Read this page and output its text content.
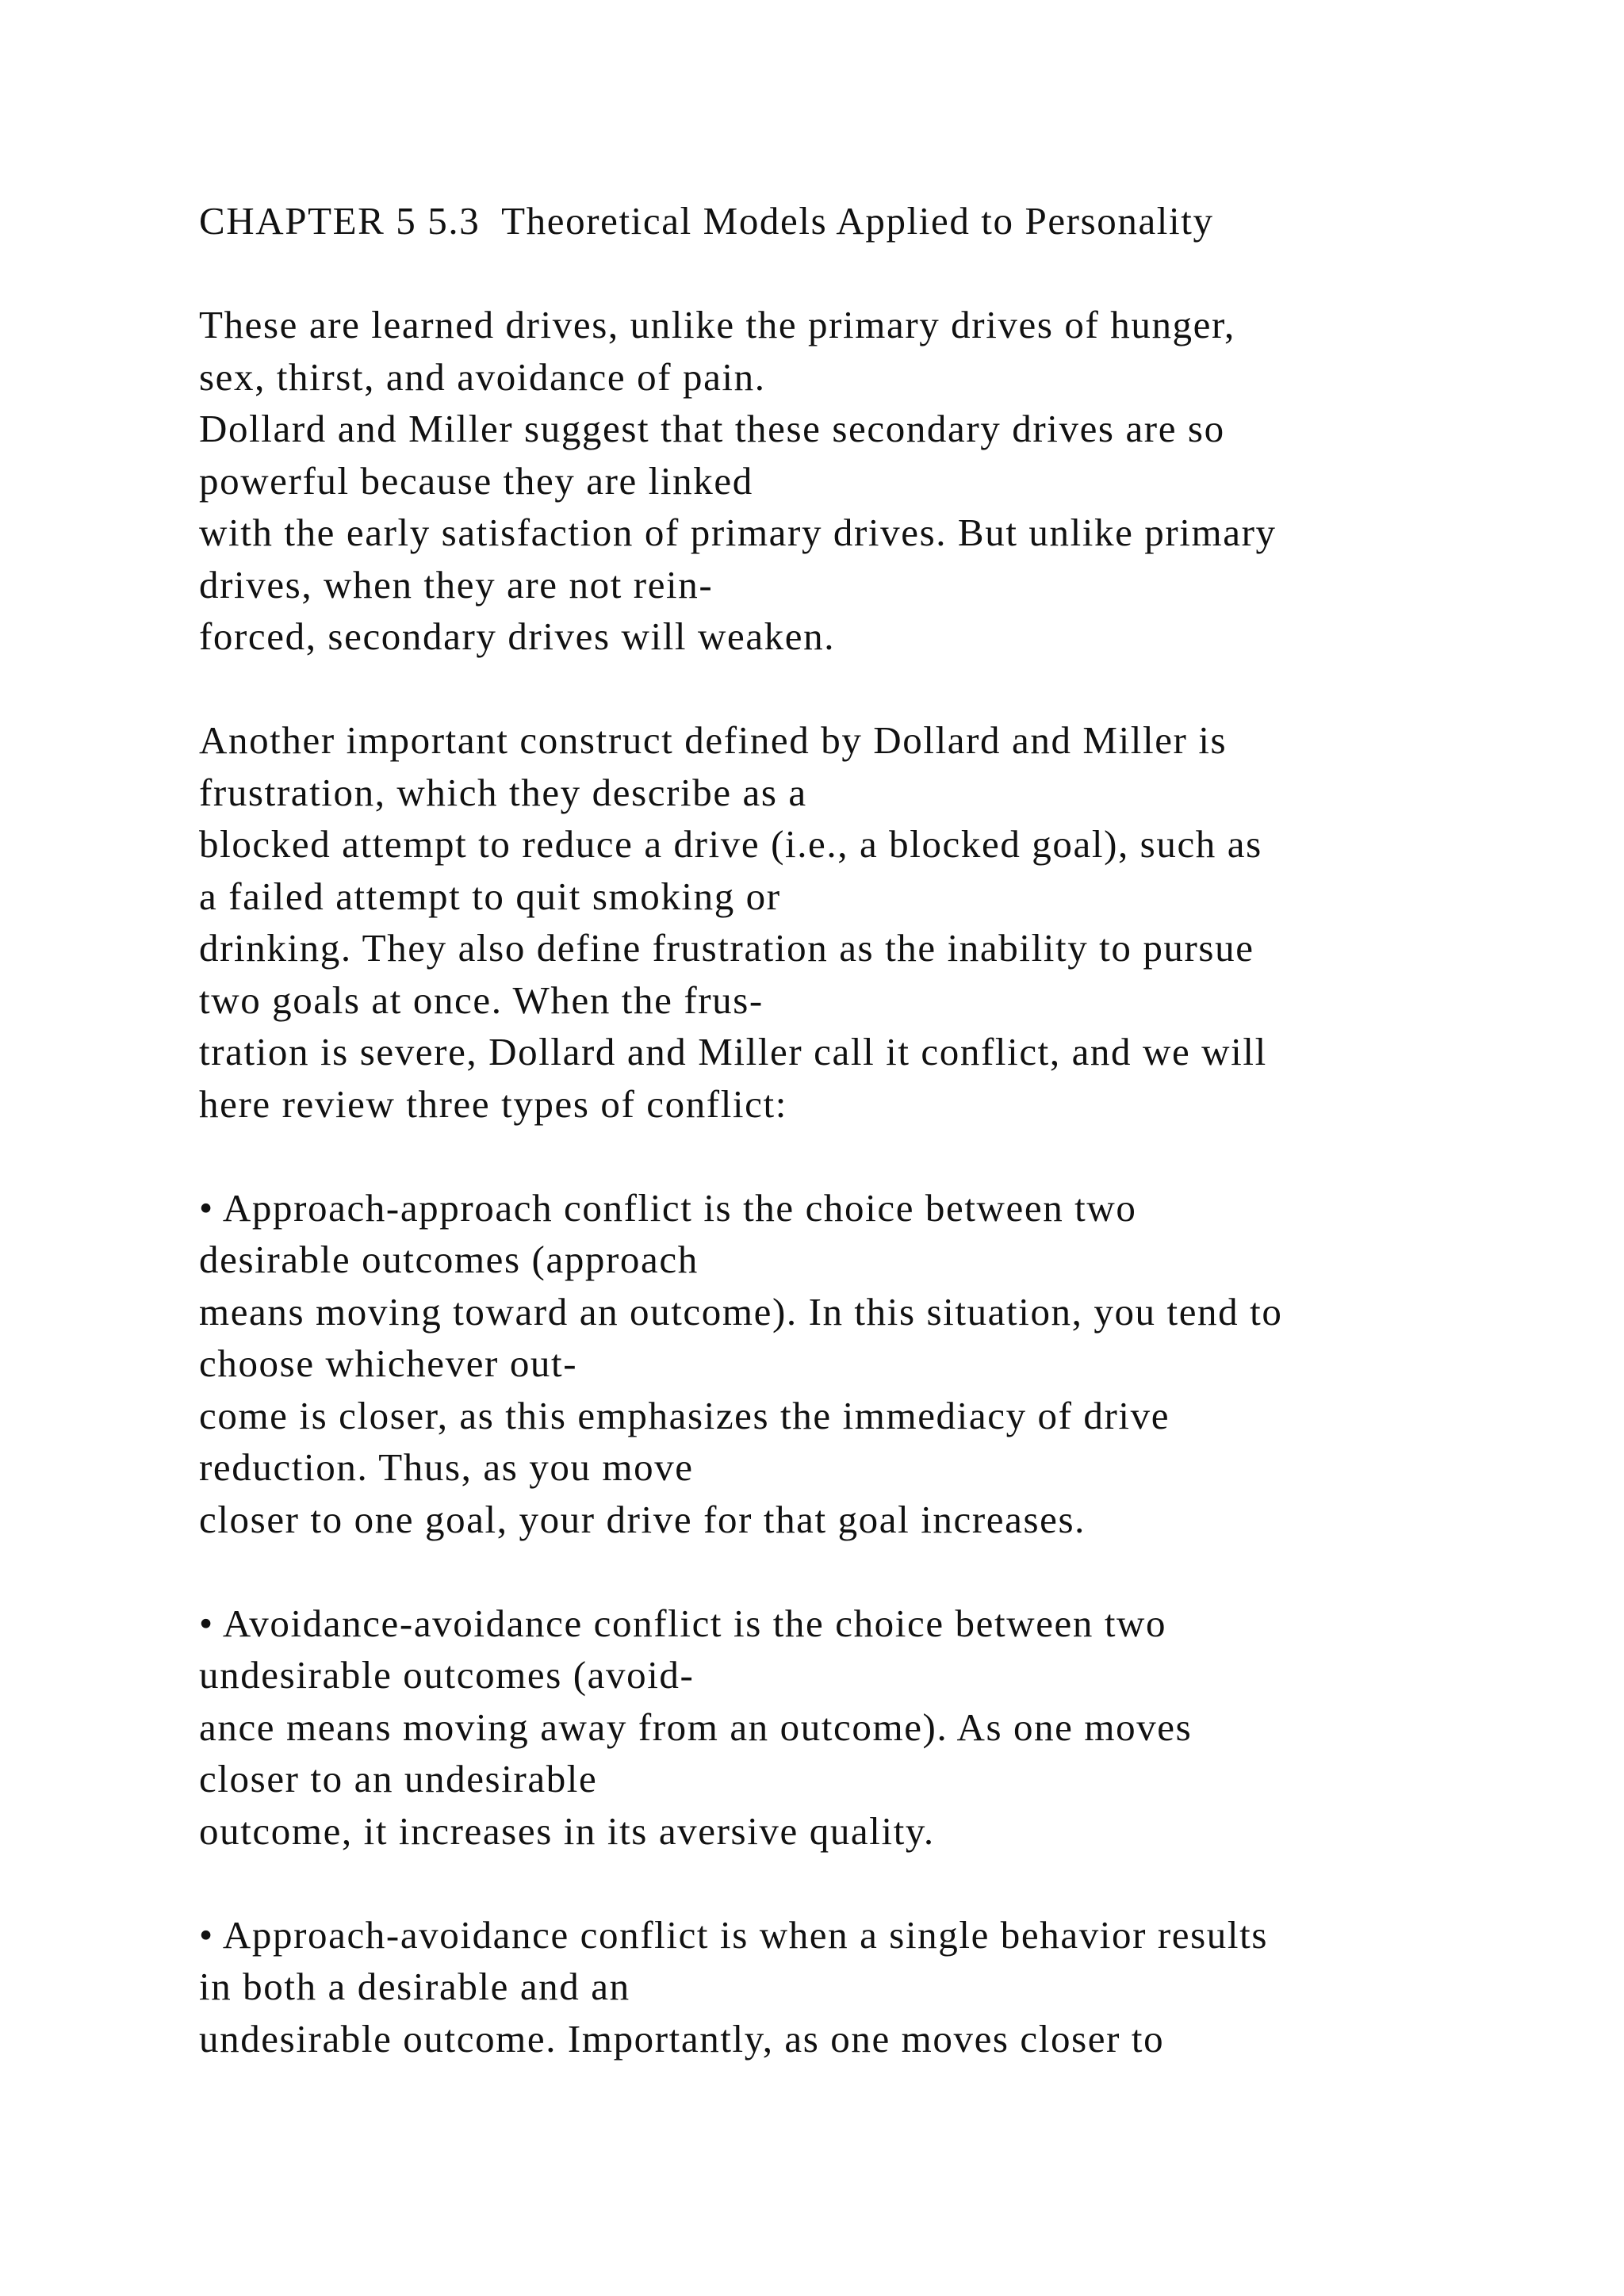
CHAPTER 5 5.3  Theoretical Models Applied to Personality
These are learned drives, unlike the primary drives of hunger,
sex, thirst, and avoidance of pain.
Dollard and Miller suggest that these secondary drives are so
powerful because they are linked
with the early satisfaction of primary drives. But unlike primary
drives, when they are not rein-
forced, secondary drives will weaken.
Another important construct defined by Dollard and Miller is
frustration, which they describe as a
blocked attempt to reduce a drive (i.e., a blocked goal), such as
a failed attempt to quit smoking or
drinking. They also define frustration as the inability to pursue
two goals at once. When the frus-
tration is severe, Dollard and Miller call it conflict, and we will
here review three types of conflict:
• Approach-approach conflict is the choice between two
desirable outcomes (approach
means moving toward an outcome). In this situation, you tend to
choose whichever out-
come is closer, as this emphasizes the immediacy of drive
reduction. Thus, as you move
closer to one goal, your drive for that goal increases.
• Avoidance-avoidance conflict is the choice between two
undesirable outcomes (avoid-
ance means moving away from an outcome). As one moves
closer to an undesirable
outcome, it increases in its aversive quality.
• Approach-avoidance conflict is when a single behavior results
in both a desirable and an
undesirable outcome. Importantly, as one moves closer to
